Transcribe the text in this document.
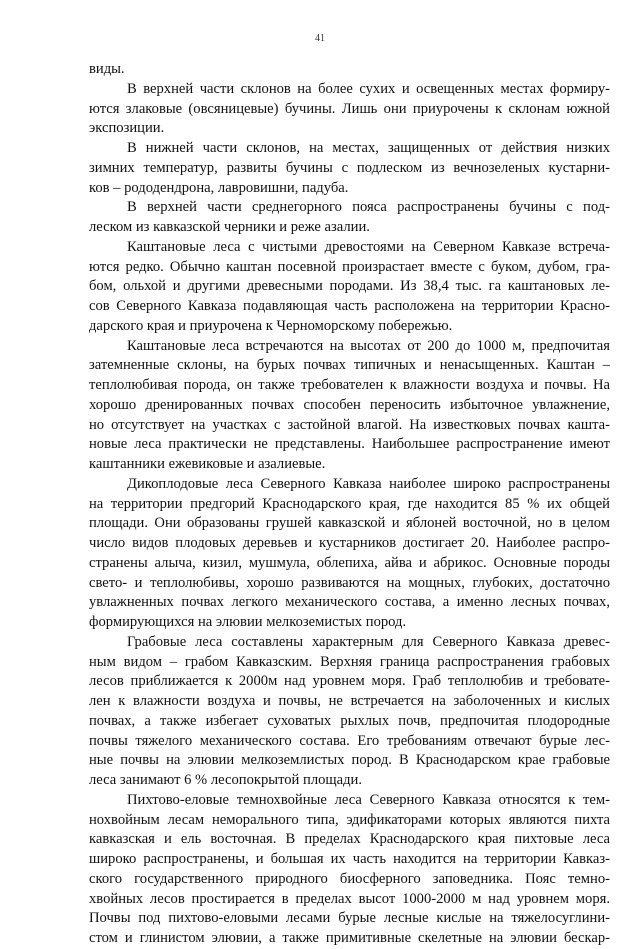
41
виды.
В верхней части склонов на более сухих и освещенных местах формиру-
ются злаковые (овсяницевые) бучины. Лишь они приурочены к склонам южной
экспозиции.
В нижней части склонов, на местах, защищенных от действия низких
зимних температур, развиты бучины с подлеском из вечнозеленых кустарни-
ков – рододендрона, лавровишни, падуба.
В верхней части среднегорного пояса распространены бучины с под-
леском из кавказской черники и реже азалии.
Каштановые леса с чистыми древостоями на Северном Кавказе встреча-
ются редко. Обычно каштан посевной произрастает вместе с буком, дубом, гра-
бом, ольхой и другими древесными породами. Из 38,4 тыс. га каштановых ле-
сов Северного Кавказа подавляющая часть расположена на территории Красно-
дарского края и приурочена к Черноморскому побережью.
Каштановые леса встречаются на высотах от 200 до 1000 м, предпочитая
затемненные склоны, на бурых почвах типичных и ненасыщенных. Каштан –
теплолюбивая порода, он также требователен к влажности воздуха и почвы. На
хорошо дренированных почвах способен переносить избыточное увлажнение,
но отсутствует на участках с застойной влагой. На известковых почвах кашта-
новые леса практически не представлены. Наибольшее распространение имеют
каштанники ежевиковые и азалиевые.
Дикоплодовые леса Северного Кавказа наиболее широко распространены
на территории предгорий Краснодарского края, где находится 85 % их общей
площади. Они образованы грушей кавказской и яблоней восточной, но в целом
число видов плодовых деревьев и кустарников достигает 20. Наиболее распро-
странены алыча, кизил, мушмула, облепиха, айва и абрикос. Основные породы
свето- и теплолюбивы, хорошо развиваются на мощных, глубоких, достаточно
увлажненных почвах легкого механического состава, а именно лесных почвах,
формирующихся на элювии мелкоземистых пород.
Грабовые леса составлены характерным для Северного Кавказа древес-
ным видом – грабом Кавказским. Верхняя граница распространения грабовых
лесов приближается к 2000м над уровнем моря. Граб теплолюбив и требовате-
лен к влажности воздуха и почвы, не встречается на заболоченных и кислых
почвах, а также избегает суховатых рыхлых почв, предпочитая плодородные
почвы тяжелого механического состава. Его требованиям отвечают бурые лес-
ные почвы на элювии мелкоземлистых пород. В Краснодарском крае грабовые
леса занимают 6 % лесопокрытой площади.
Пихтово-еловые темнохвойные леса Северного Кавказа относятся к тем-
нохвойным лесам неморального типа, эдификаторами которых являются пихта
кавказская и ель восточная. В пределах Краснодарского края пихтовые леса
широко распространены, и большая их часть находится на территории Кавказ-
ского государственного природного биосферного заповедника. Пояс темно-
хвойных лесов простирается в пределах высот 1000-2000 м над уровнем моря.
Почвы под пихтово-еловыми лесами бурые лесные кислые на тяжелосуглини-
стом и глинистом элювии, а также примитивные скелетные на элювии бескар-
